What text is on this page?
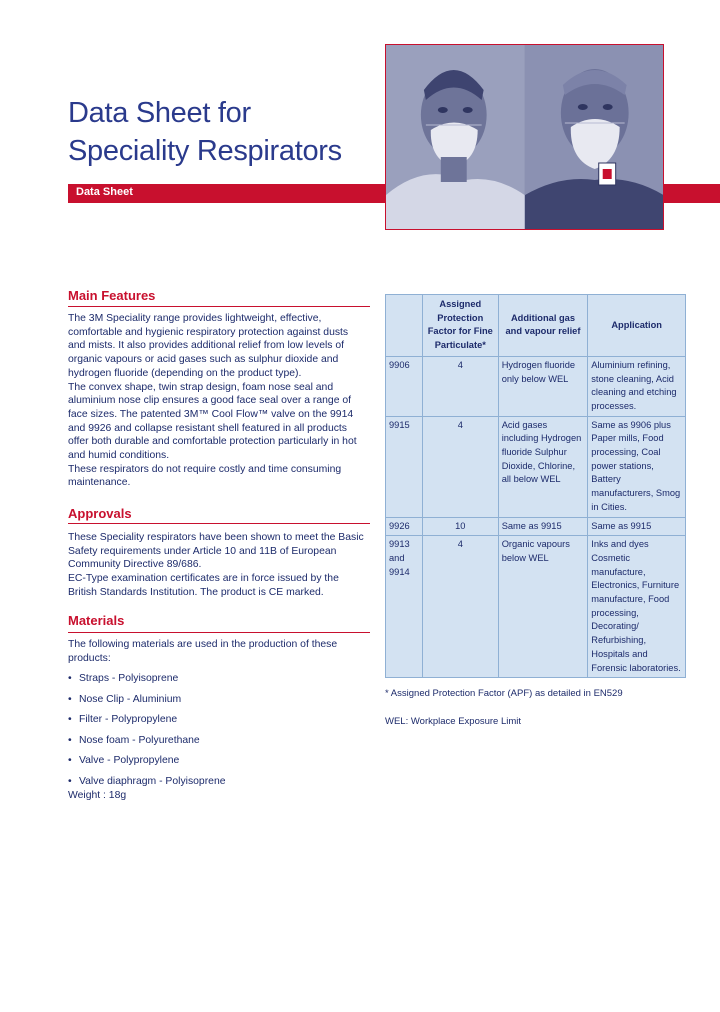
Data Sheet for
Speciality Respirators
Data Sheet
Main Features
The 3M Speciality range provides lightweight, effective, comfortable and hygienic respiratory protection against dusts and mists. It also provides additional relief from low levels of organic vapours or acid gases such as sulphur dioxide and hydrogen fluoride (depending on the product type).
The convex shape, twin strap design, foam nose seal and aluminium nose clip ensures a good face seal over a range of face sizes. The patented 3M™ Cool Flow™ valve on the 9914 and 9926 and collapse resistant shell featured in all products offer both durable and comfortable protection particularly in hot and humid conditions.
These respirators do not require costly and time consuming maintenance.
Approvals
These Speciality respirators have been shown to meet the Basic Safety requirements under Article 10 and 11B of European Community Directive 89/686.
EC-Type examination certificates are in force issued by the British Standards Institution. The product is CE marked.
Materials
The following materials are used in the production of these products:
• Straps - Polyisoprene
• Nose Clip - Aluminium
• Filter - Polypropylene
• Nose foam - Polyurethane
• Valve - Polypropylene
• Valve diaphragm - Polyisoprene
Weight : 18g
	Assigned Protection Factor for Fine Particulate*	Additional gas and vapour relief	Application
9906	4	Hydrogen fluoride only below WEL	Aluminium refining, stone cleaning, Acid cleaning and etching processes.
9915	4	Acid gases including Hydrogen fluoride Sulphur Dioxide, Chlorine, all below WEL	Same as 9906 plus Paper mills, Food processing, Coal power stations, Battery manufacturers, Smog in Cities.
9926	10	Same as 9915	Same as 9915
9913 and 9914	4	Organic vapours below WEL	Inks and dyes Cosmetic manufacture, Electronics, Furniture manufacture, Food processing, Decorating/ Refurbishing, Hospitals and Forensic laboratories.
* Assigned Protection Factor (APF) as detailed in EN529
WEL: Workplace Exposure Limit
